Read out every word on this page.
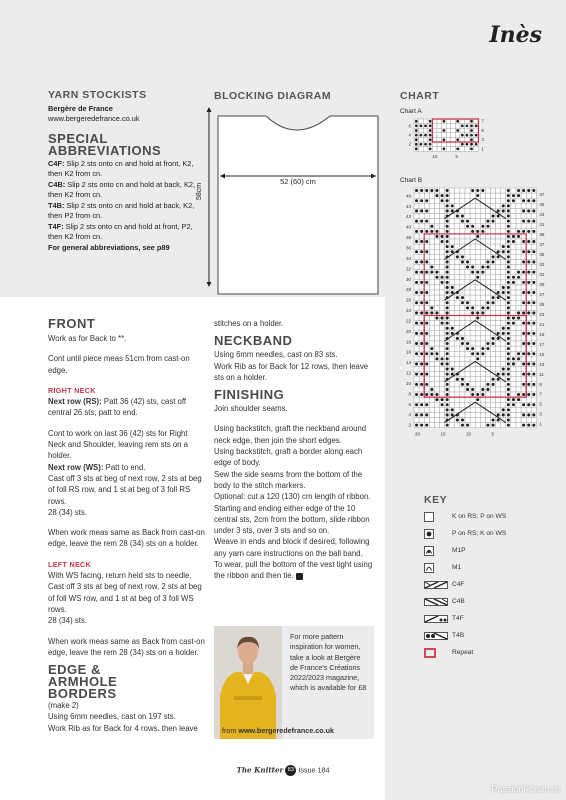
Inès
YARN STOCKISTS

Bergère de France

www.bergeredefrance.co.uk

SPECIAL ABBREVIATIONS

C4F: Slip 2 sts onto cn and hold at front, K2, then K2 from cn.

C4B: Slip 2 sts onto cn and hold at back, K2, then K2 from cn.

T4B: Slip 2 sts onto cn and hold at back, K2, then P2 from cn.

T4F: Slip 2 sts onto cn and hold at front, P2, then K2 from cn.

For general abbreviations, see p89

BLOCKING DIAGRAM
52 (60) cm
58cm
CHART
Chart A
7
6
5
4
3
2
1
10	5
Chart B
47
45
43
41
39
37
35
33
31
29
27
25
23
21
19
17
15
13
11
9
7
5
3
1
46
44
42
40
38
36
34
32
30
28
26
24
22
20
18
16
14
12
10
8
6
4
2
20	15	10	5
KEY
K on RS; P on WS
P on RS; K on WS
M1P
M1
C4F
C4B
T4F
T4B
Repeat
FRONT

Work as for Back to **.

Cont until piece meas 51cm from cast-on edge.

RIGHT NECK

Next row (RS): Patt 36 (42) sts, cast off central 26 sts, patt to end.

Cont to work on last 36 (42) sts for Right Neck and Shoulder, leaving rem sts on a holder.

Next row (WS): Patt to end.

Cast off 3 sts at beg of next row, 2 sts at beg of foll RS row, and 1 st at beg of 3 foll RS rows.

28 (34) sts.

When work meas same as Back from cast-on edge, leave the rem 28 (34) sts on a holder.

LEFT NECK

With WS facing, return held sts to needle. Cast off 3 sts at beg of next row, 2 sts at beg of foll WS row, and 1 st at beg of 3 foll WS rows.

28 (34) sts.

When work meas same as Back from cast-on edge, leave the rem 28 (34) sts on a holder.

EDGE & ARMHOLE BORDERS

(make 2)

Using 6mm needles, cast on 197 sts.

Work Rib as for Back for 4 rows, then leave

stitches on a holder.

NECKBAND

Using 6mm needles, cast on 83 sts.

Work Rib as for Back for 12 rows, then leave sts on a holder.

FINISHING

Join shoulder seams.

Using backstitch, graft the neckband around neck edge, then join the short edges.

Using backstitch, graft a border along each edge of body.

Sew the side seams from the bottom of the body to the stitch markers.

Optional: cut a 120 (130) cm length of ribbon. Starting and ending either edge of the 10 central sts, 2cm from the bottom, slide ribbon under 3 sts, over 3 sts and so on.

Weave in ends and block if desired, following any yarn care instructions on the ball band.

To wear, pull the bottom of the vest tight using the ribbon and then tie.

For more pattern inspiration for women, take a look at Bergère de France's Créations 2022/2023 magazine, which is available for £8
from www.bergeredefrance.co.uk
The Knitter 83 Issue 184
PassionForum.ru
